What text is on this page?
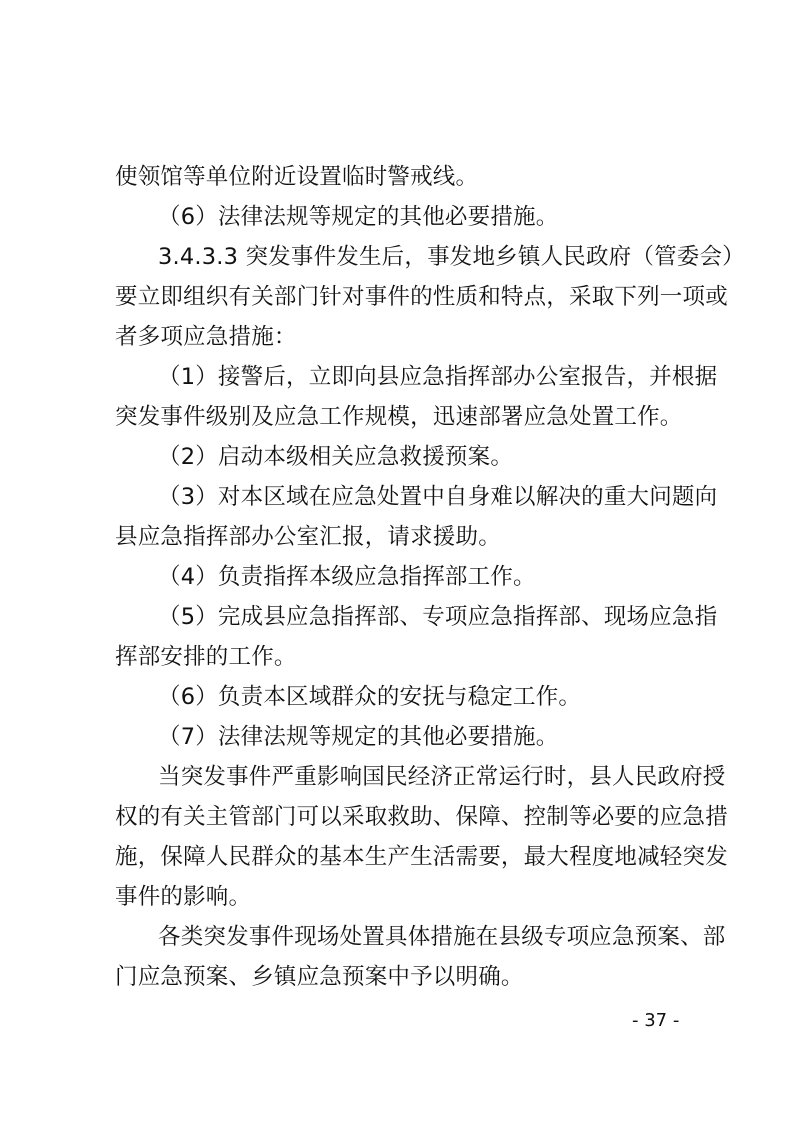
使领馆等单位附近设置临时警戒线。
（6）法律法规等规定的其他必要措施。
3.4.3.3 突发事件发生后，事发地乡镇人民政府（管委会）
要立即组织有关部门针对事件的性质和特点，采取下列一项或
者多项应急措施：
（1）接警后，立即向县应急指挥部办公室报告，并根据
突发事件级别及应急工作规模，迅速部署应急处置工作。
（2）启动本级相关应急救援预案。
（3）对本区域在应急处置中自身难以解决的重大问题向
县应急指挥部办公室汇报，请求援助。
（4）负责指挥本级应急指挥部工作。
（5）完成县应急指挥部、专项应急指挥部、现场应急指
挥部安排的工作。
（6）负责本区域群众的安抚与稳定工作。
（7）法律法规等规定的其他必要措施。
当突发事件严重影响国民经济正常运行时，县人民政府授
权的有关主管部门可以采取救助、保障、控制等必要的应急措
施，保障人民群众的基本生产生活需要，最大程度地减轻突发
事件的影响。
各类突发事件现场处置具体措施在县级专项应急预案、部
门应急预案、乡镇应急预案中予以明确。
- 37 -
